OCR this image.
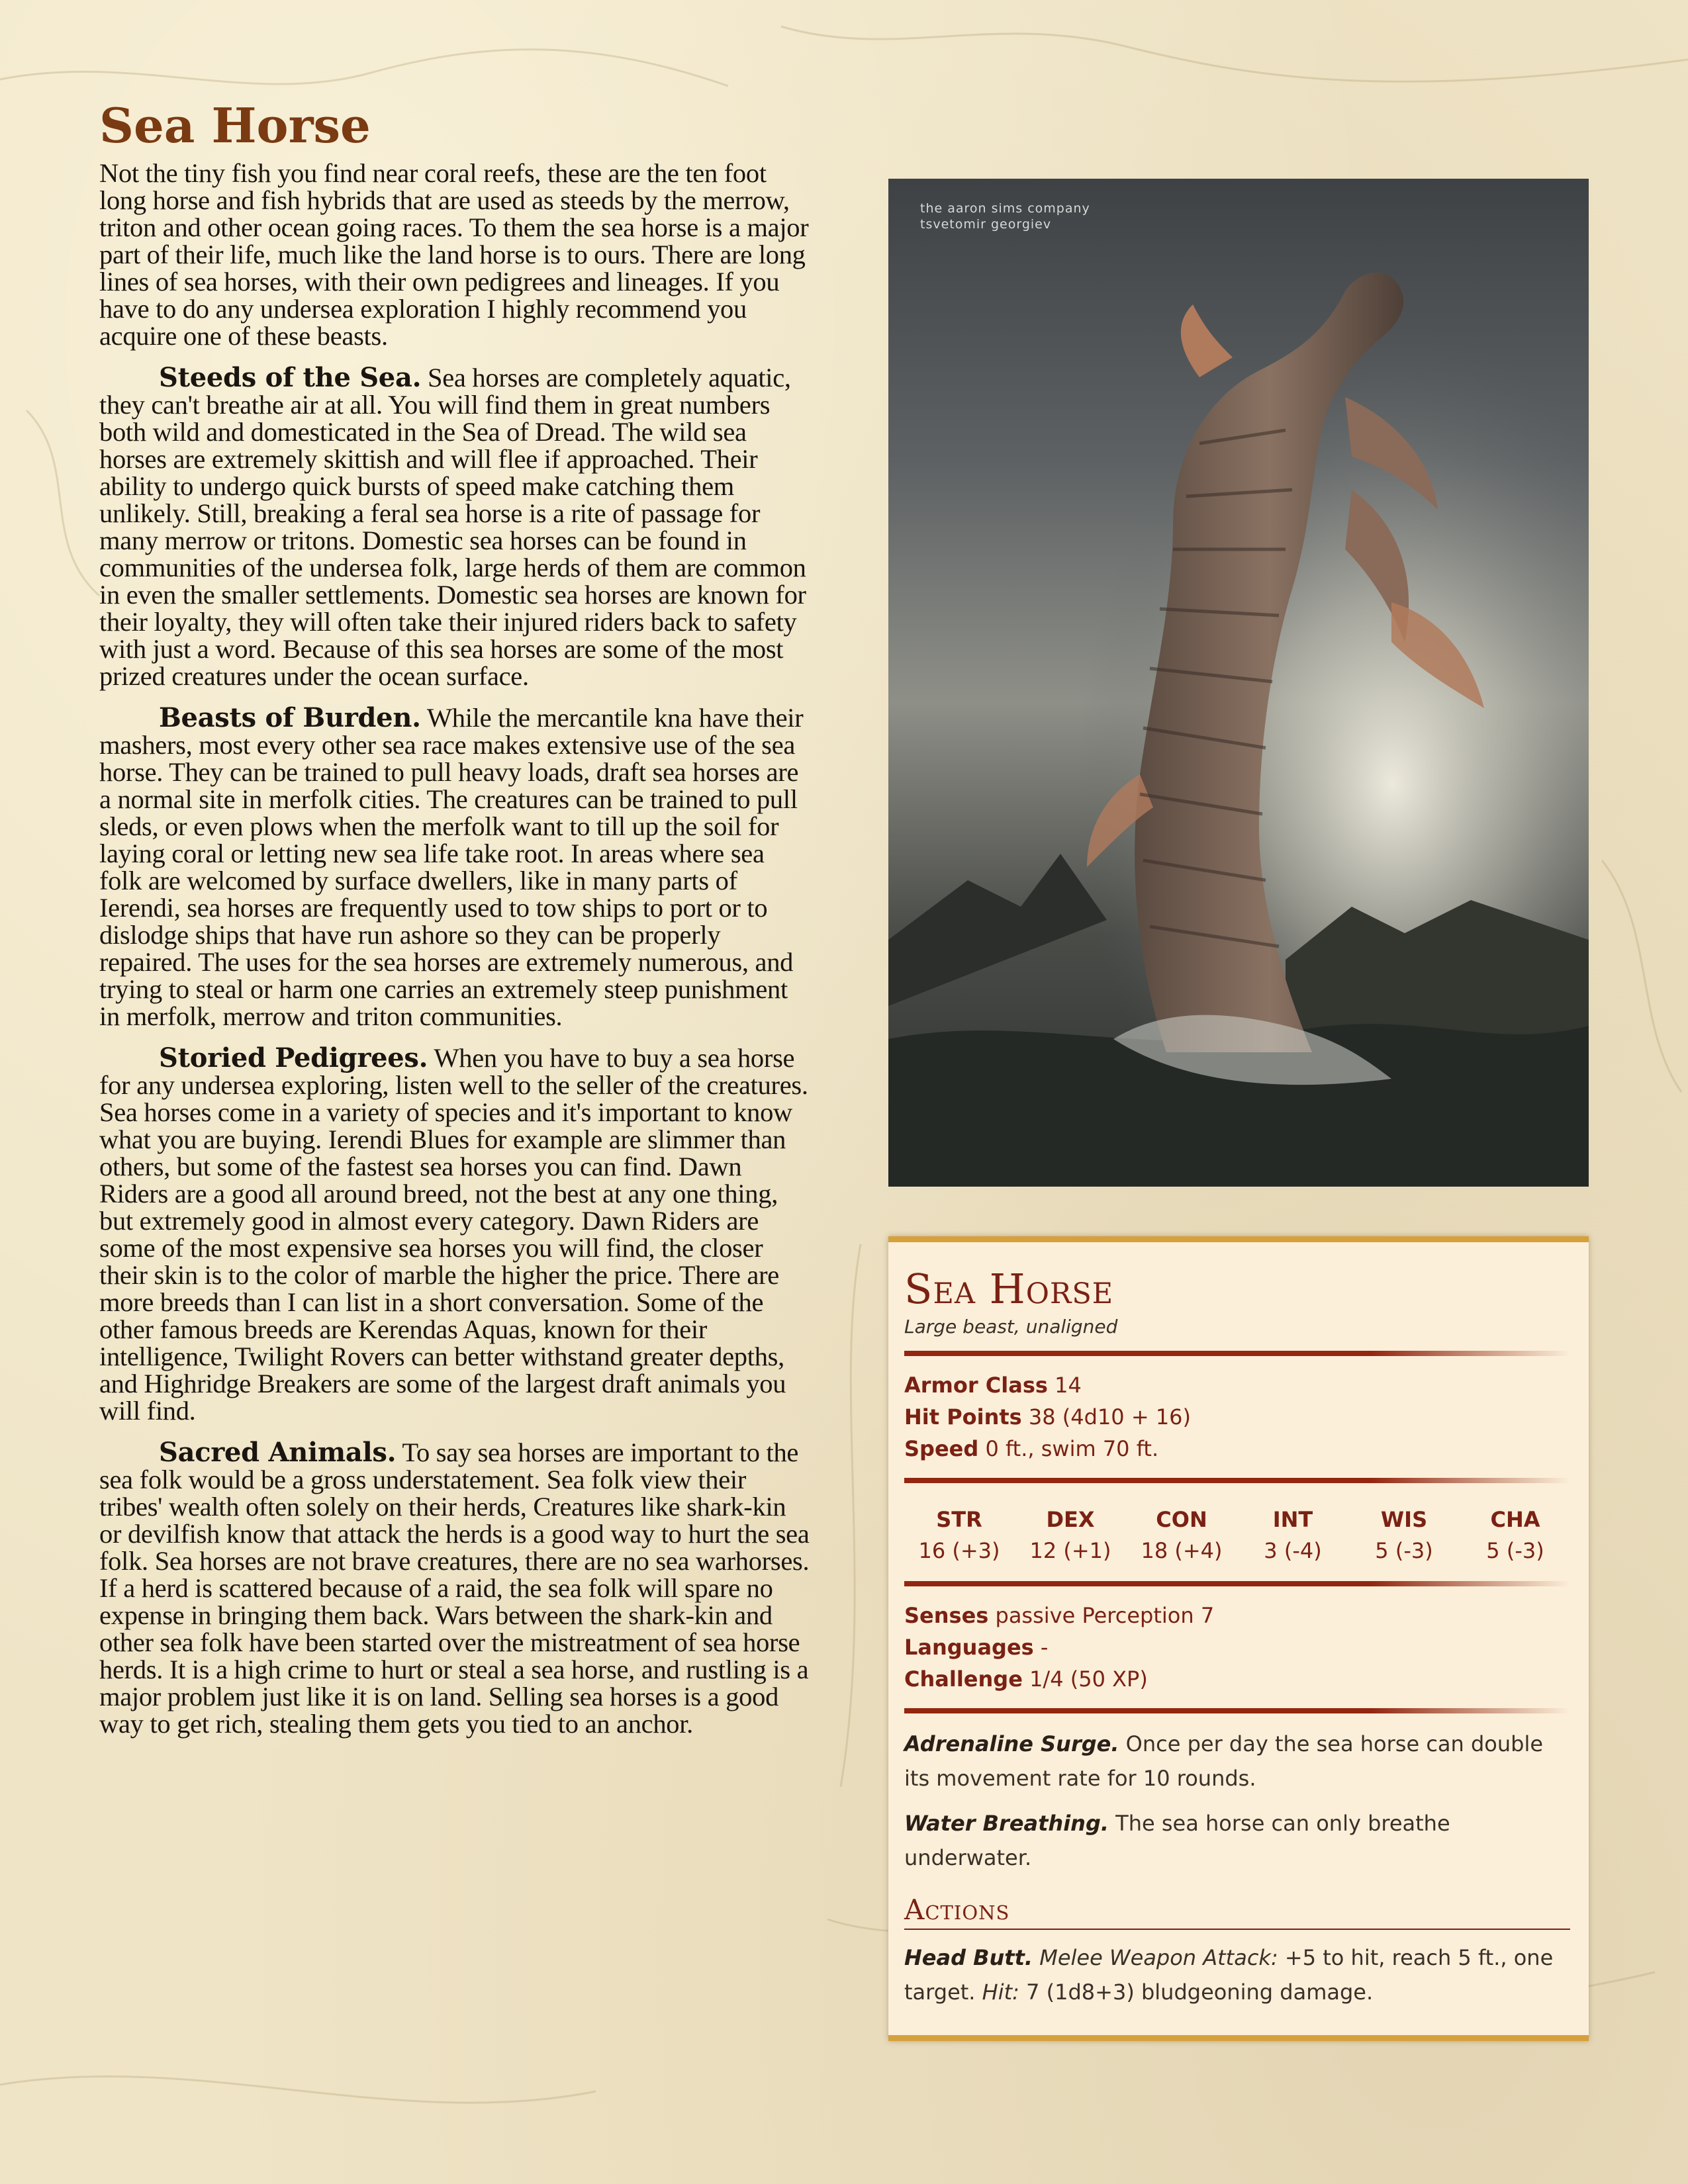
Sea Horse

Not the tiny fish you find near coral reefs, these are the ten foot long horse and fish hybrids that are used as steeds by the merrow, triton and other ocean going races. To them the sea horse is a major part of their life, much like the land horse is to ours. There are long lines of sea horses, with their own pedigrees and lineages. If you have to do any undersea exploration I highly recommend you acquire one of these beasts.

Steeds of the Sea. Sea horses are completely aquatic, they can't breathe air at all. You will find them in great numbers both wild and domesticated in the Sea of Dread. The wild sea horses are extremely skittish and will flee if approached. Their ability to undergo quick bursts of speed make catching them unlikely. Still, breaking a feral sea horse is a rite of passage for many merrow or tritons. Domestic sea horses can be found in communities of the undersea folk, large herds of them are common in even the smaller settlements. Domestic sea horses are known for their loyalty, they will often take their injured riders back to safety with just a word. Because of this sea horses are some of the most prized creatures under the ocean surface.

Beasts of Burden. While the mercantile kna have their mashers, most every other sea race makes extensive use of the sea horse. They can be trained to pull heavy loads, draft sea horses are a normal site in merfolk cities. The creatures can be trained to pull sleds, or even plows when the merfolk want to till up the soil for laying coral or letting new sea life take root. In areas where sea folk are welcomed by surface dwellers, like in many parts of Ierendi, sea horses are frequently used to tow ships to port or to dislodge ships that have run ashore so they can be properly repaired. The uses for the sea horses are extremely numerous, and trying to steal or harm one carries an extremely steep punishment in merfolk, merrow and triton communities.

Storied Pedigrees. When you have to buy a sea horse for any undersea exploring, listen well to the seller of the creatures. Sea horses come in a variety of species and it's important to know what you are buying. Ierendi Blues for example are slimmer than others, but some of the fastest sea horses you can find. Dawn Riders are a good all around breed, not the best at any one thing, but extremely good in almost every category. Dawn Riders are some of the most expensive sea horses you will find, the closer their skin is to the color of marble the higher the price. There are more breeds than I can list in a short conversation. Some of the other famous breeds are Kerendas Aquas, known for their intelligence, Twilight Rovers can better withstand greater depths, and Highridge Breakers are some of the largest draft animals you will find.

Sacred Animals. To say sea horses are important to the sea folk would be a gross understatement. Sea folk view their tribes' wealth often solely on their herds, Creatures like shark-kin or devilfish know that attack the herds is a good way to hurt the sea folk. Sea horses are not brave creatures, there are no sea warhorses. If a herd is scattered because of a raid, the sea folk will spare no expense in bringing them back. Wars between the shark-kin and other sea folk have been started over the mistreatment of sea horse herds. It is a high crime to hurt or steal a sea horse, and rustling is a major problem just like it is on land. Selling sea horses is a good way to get rich, stealing them gets you tied to an anchor.

the aaron sims company
tsvetomir georgiev
Sea Horse
Large beast, unaligned
Armor Class 14
Hit Points 38 (4d10 + 16)
Speed 0 ft., swim 70 ft.
STR
16 (+3)
DEX
12 (+1)
CON
18 (+4)
INT
3 (-4)
WIS
5 (-3)
CHA
5 (-3)
Senses passive Perception 7
Languages -
Challenge 1/4 (50 XP)

Adrenaline Surge. Once per day the sea horse can double its movement rate for 10 rounds.

Water Breathing. The sea horse can only breathe underwater.

Actions

Head Butt. Melee Weapon Attack: +5 to hit, reach 5 ft., one target. Hit: 7 (1d8+3) bludgeoning damage.
